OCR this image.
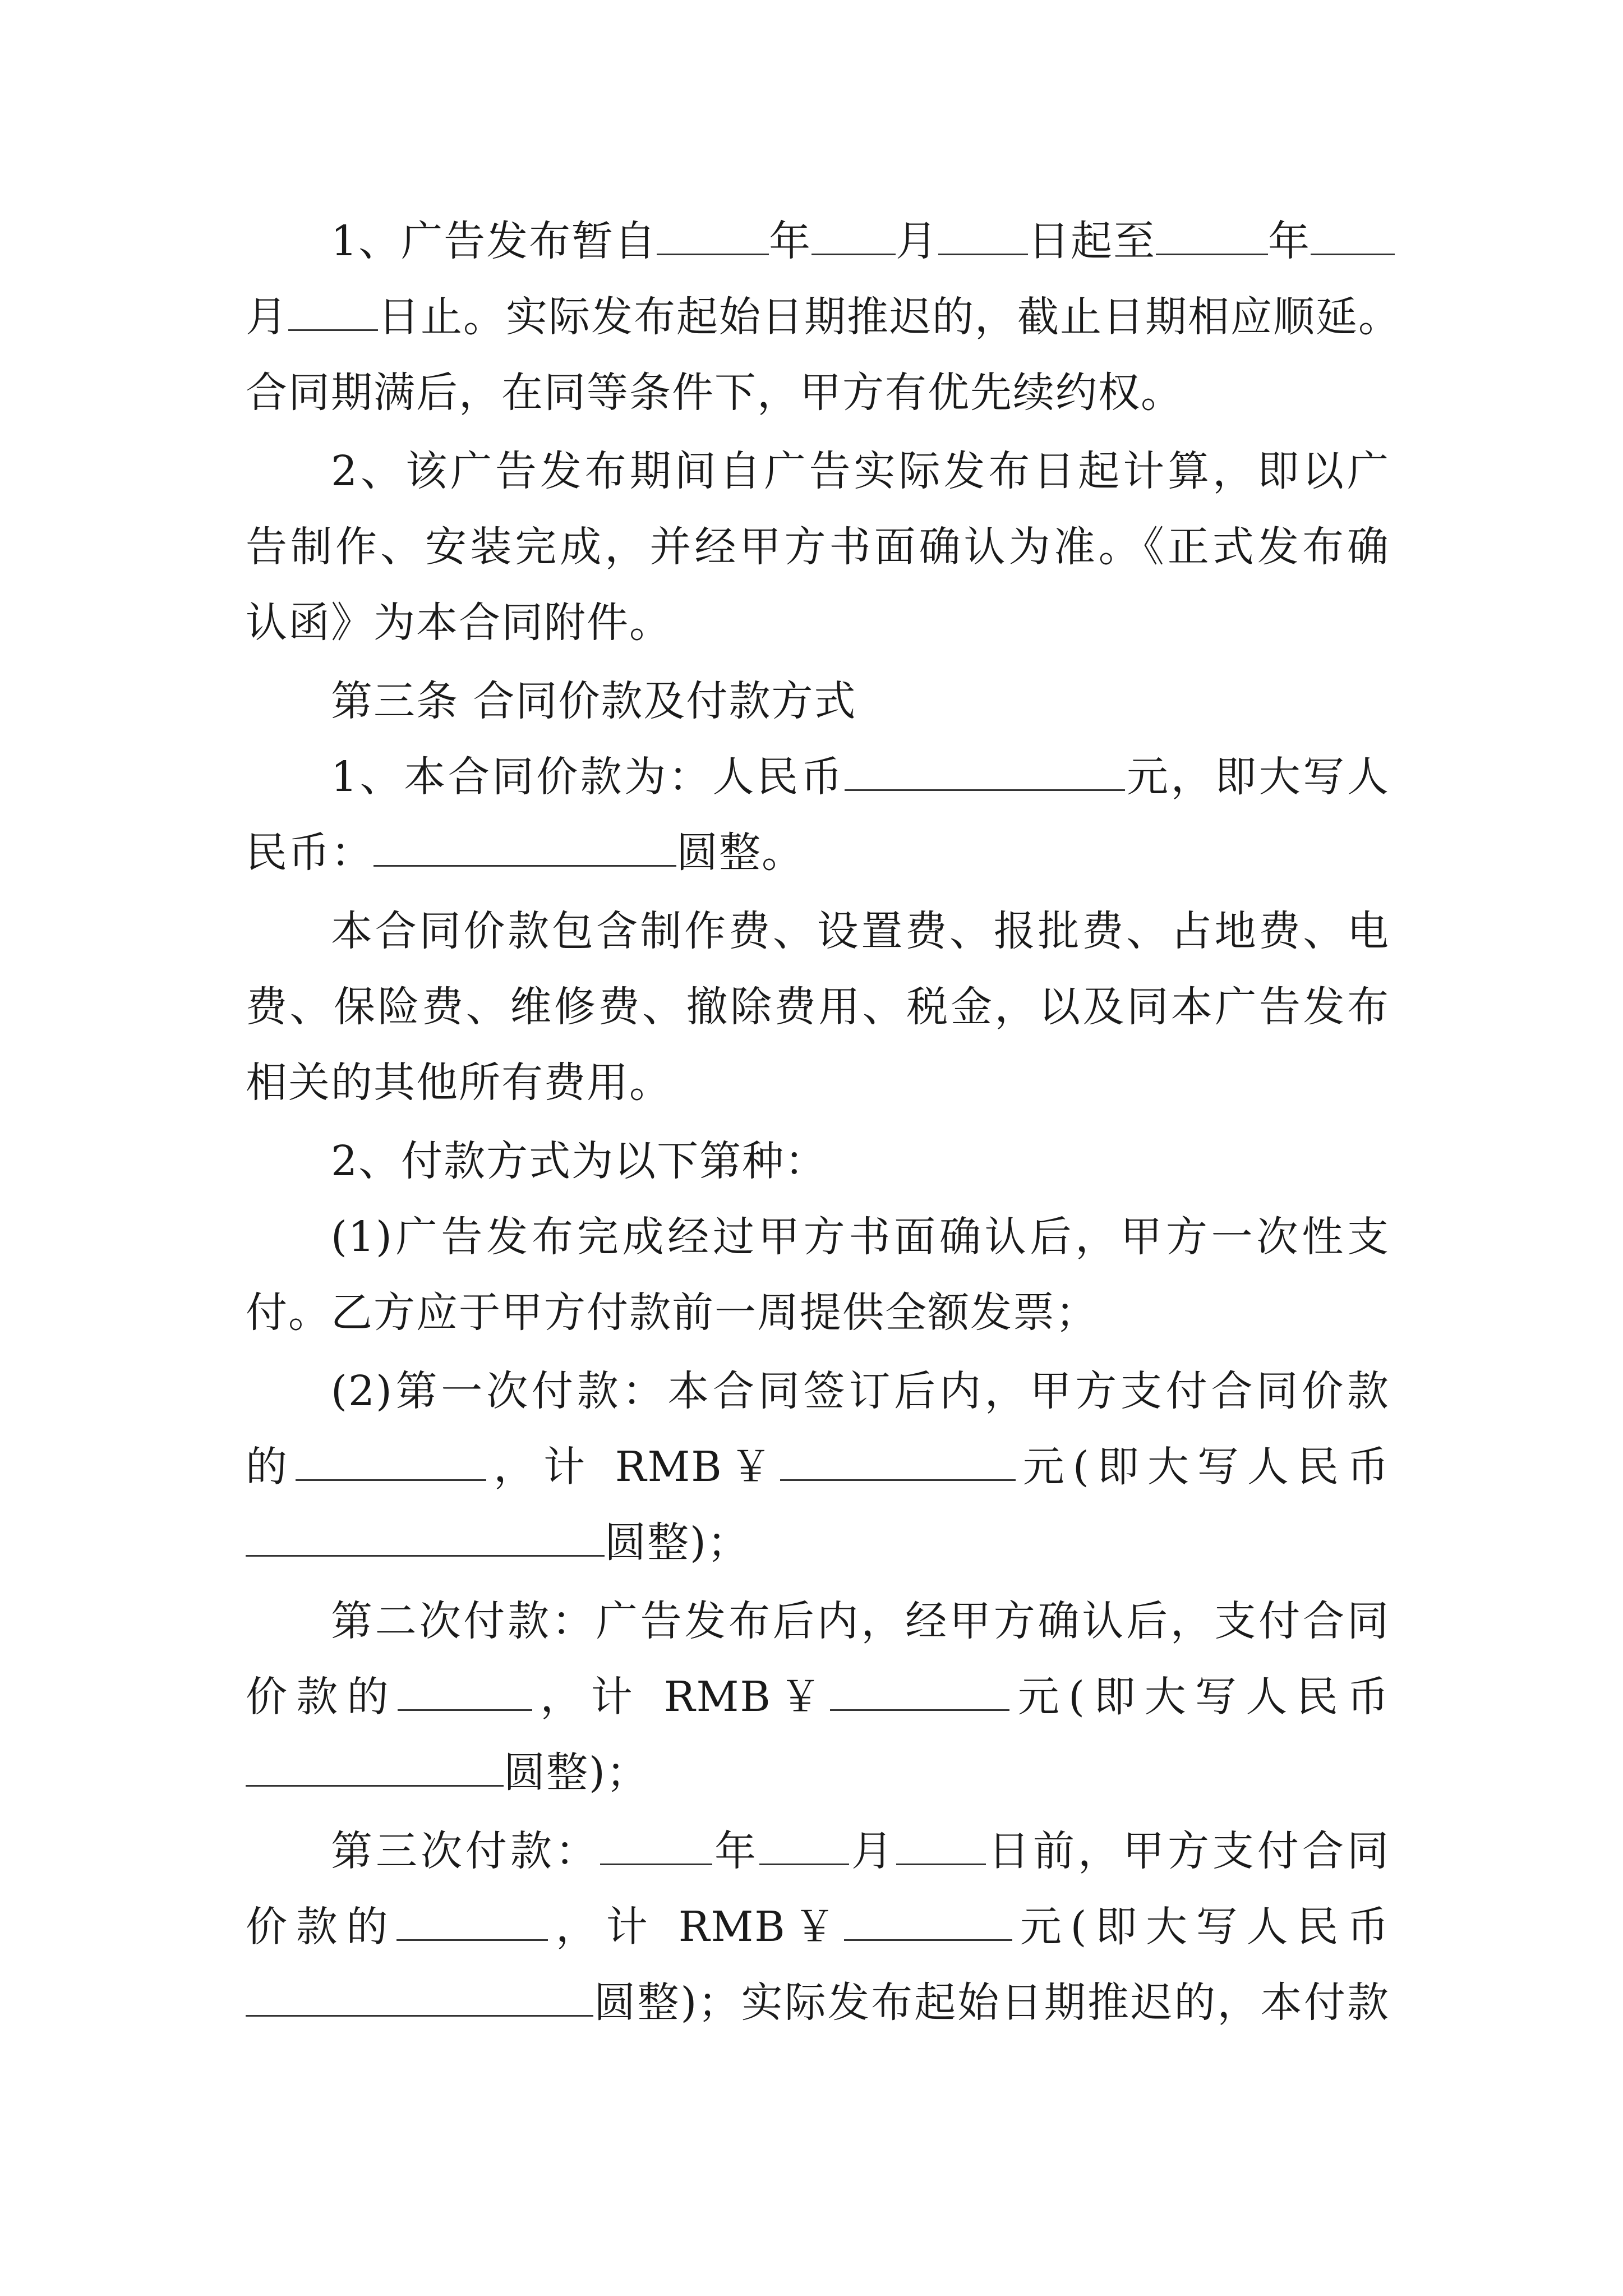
1、广告发布暂自	年 月 日起至	年
月 日止。实际发布起始日期推迟的，截止日期相应顺延。
合同期满后，在同等条件下，甲方有优先续约权。
2、该广告发布期间自广告实际发布日起计算，即以广
告制作、安装完成，并经甲方书面确认为准。《正式发布确
认函》为本合同附件。
第三条 合同价款及付款方式
1、本合同价款为：人民币	元，即大写人
民币：	圆整。
本合同价款包含制作费、设置费、报批费、占地费、电
费、保险费、维修费、撤除费用、税金，以及同本广告发布
相关的其他所有费用。
2、付款方式为以下第种：
(1)广告发布完成经过甲方书面确认后，甲方一次性支
付。乙方应于甲方付款前一周提供全额发票；
(2)第一次付款：本合同签订后内，甲方支付合同价款
的	，计 RMB￥	元(即大写人民币
圆整)；
第二次付款：广告发布后内，经甲方确认后，支付合同
价款的	，计 RMB￥	元(即大写人民币
圆整)；
第三次付款：	年 月 日前，甲方支付合同
价款的	，计 RMB￥	元(即大写人民币
圆整)；实际发布起始日期推迟的，本付款
